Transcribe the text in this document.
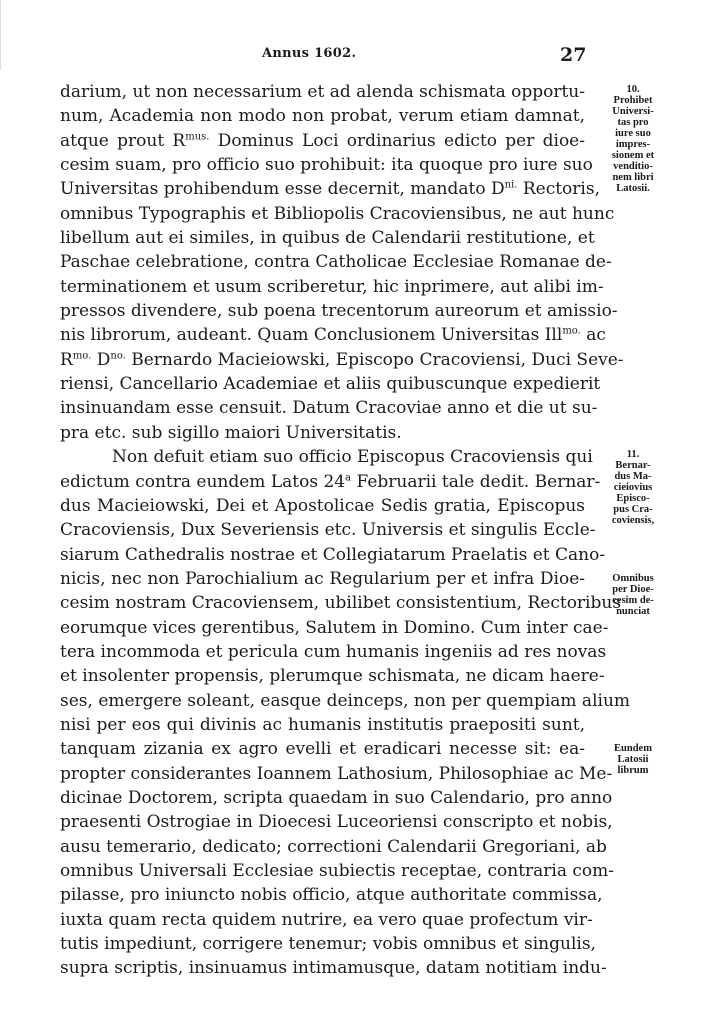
Annus 1602.	27
darium, ut non necessarium et ad alenda schismata opportu-
num, Academia non modo non probat, verum etiam damnat,
atque prout $R^{mus.}$ Dominus Loci ordinarius edicto per dioe-
cesim suam, pro officio suo prohibuit: ita quoque pro iure suo
Universitas prohibendum esse decernit, mandato $D^{ni.}$ Rectoris,
omnibus Typographis et Bibliopolis Cracoviensibus, ne aut hunc
libellum aut ei similes, in quibus de Calendarii restitutione, et
Paschae celebratione, contra Catholicae Ecclesiae Romanae de-
terminationem et usum scriberetur, hic inprimere, aut alibi im-
pressos divendere, sub poena trecentorum aureorum et amissio-
nis librorum, audeant. Quam Conclusionem Universitas Ill$^{mo.}$ ac
$R^{mo.}$ $D^{no.}$ Bernardo Macieiowski, Episcopo Cracoviensi, Duci Seve-
riensi, Cancellario Academiae et aliis quibuscunque expedierit
insinuandam esse censuit. Datum Cracoviae anno et die ut su-
pra etc. sub sigillo maiori Universitatis.
Non defuit etiam suo officio Episcopus Cracoviensis qui
edictum contra eundem Latos 24$^a$ Februarii tale dedit. Bernar-
dus Macieiowski, Dei et Apostolicae Sedis gratia, Episcopus
Cracoviensis, Dux Severiensis etc. Universis et singulis Eccle-
siarum Cathedralis nostrae et Collegiatarum Praelatis et Cano-
nicis, nec non Parochialium ac Regularium per et infra Dioe-
cesim nostram Cracoviensem, ubilibet consistentium, Rectoribus
eorumque vices gerentibus, Salutem in Domino. Cum inter cae-
tera incommoda et pericula cum humanis ingeniis ad res novas
et insolenter propensis, plerumque schismata, ne dicam haere-
ses, emergere soleant, easque deinceps, non per quempiam alium
nisi per eos qui divinis ac humanis institutis praepositi sunt,
tanquam zizania ex agro evelli et eradicari necesse sit: ea-
propter considerantes Ioannem Lathosium, Philosophiae ac Me-
dicinae Doctorem, scripta quaedam in suo Calendario, pro anno
praesenti Ostrogiae in Dioecesi Luceoriensi conscripto et nobis,
ausu temerario, dedicato; correctioni Calendarii Gregoriani, ab
omnibus Universali Ecclesiae subiectis receptae, contraria com-
pilasse, pro iniuncto nobis officio, atque authoritate commissa,
iuxta quam recta quidem nutrire, ea vero quae profectum vir-
tutis impediunt, corrigere tenemur; vobis omnibus et singulis,
supra scriptis, insinuamus intimamusque, datam notitiam indu-
10.
Prohibet
Universi-
tas pro
iure suo
impres-
sionem et
venditio-
nem libri
Latosii.
11.
Bernar-
dus Ma-
cieiovius
Episco-
pus Cra-
coviensis,
Omnibus
per Dioe-
cesim de-
nunciat
Eundem
Latosii
librum
